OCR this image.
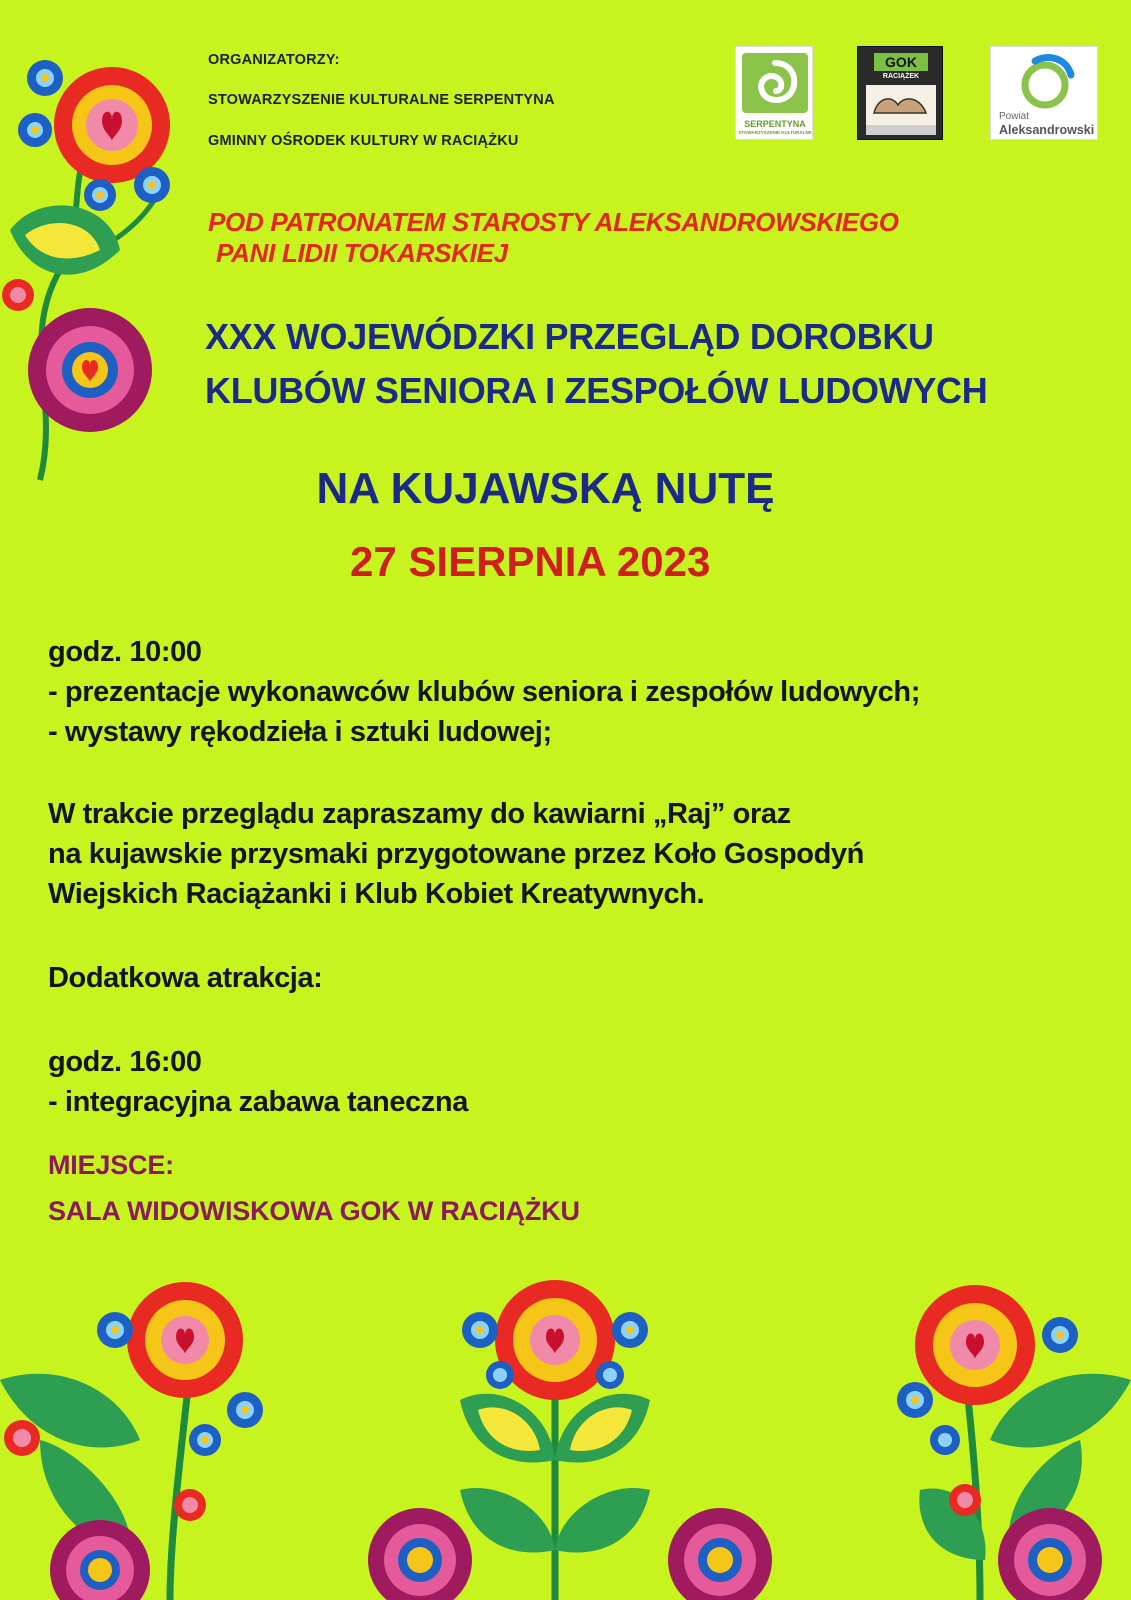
ORGANIZATORZY:
STOWARZYSZENIE KULTURALNE SERPENTYNA
GMINNY OŚRODEK KULTURY W RACIĄŻKU
SERPENTYNA
STOWARZYSZENIE KULTURALNE
GOK
RACIĄŻEK
Powiat
Aleksandrowski
POD PATRONATEM STAROSTY ALEKSANDROWSKIEGO
PANI LIDII TOKARSKIEJ
XXX WOJEWÓDZKI PRZEGLĄD DOROBKU
KLUBÓW SENIORA I ZESPOŁÓW LUDOWYCH
NA KUJAWSKĄ NUTĘ
27 SIERPNIA 2023
godz. 10:00
- prezentacje wykonawców klubów seniora i zespołów ludowych;
- wystawy rękodzieła i sztuki ludowej;
W trakcie przeglądu zapraszamy do kawiarni „Raj” oraz
na kujawskie przysmaki przygotowane przez Koło Gospodyń
Wiejskich Raciążanki i Klub Kobiet Kreatywnych.
Dodatkowa atrakcja:
godz. 16:00
- integracyjna zabawa taneczna
MIEJSCE:
SALA WIDOWISKOWA GOK W RACIĄŻKU
